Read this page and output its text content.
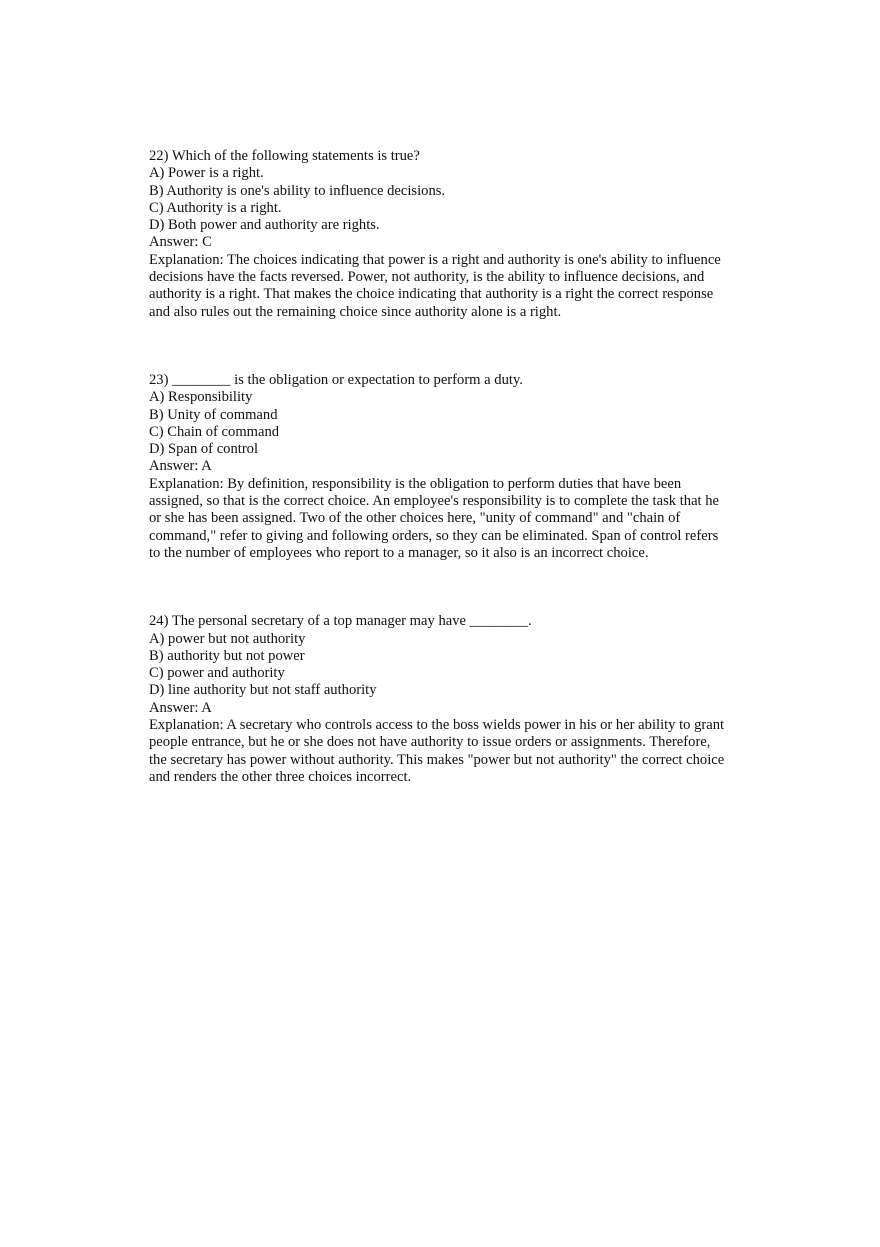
22) Which of the following statements is true?
A) Power is a right.
B) Authority is one's ability to influence decisions.
C) Authority is a right.
D) Both power and authority are rights.
Answer: C
Explanation: The choices indicating that power is a right and authority is one's ability to influence decisions have the facts reversed. Power, not authority, is the ability to influence decisions, and authority is a right. That makes the choice indicating that authority is a right the correct response and also rules out the remaining choice since authority alone is a right.
23) ________ is the obligation or expectation to perform a duty.
A) Responsibility
B) Unity of command
C) Chain of command
D) Span of control
Answer: A
Explanation: By definition, responsibility is the obligation to perform duties that have been assigned, so that is the correct choice. An employee's responsibility is to complete the task that he or she has been assigned. Two of the other choices here, "unity of command" and "chain of command," refer to giving and following orders, so they can be eliminated. Span of control refers to the number of employees who report to a manager, so it also is an incorrect choice.
24) The personal secretary of a top manager may have ________.
A) power but not authority
B) authority but not power
C) power and authority
D) line authority but not staff authority
Answer: A
Explanation: A secretary who controls access to the boss wields power in his or her ability to grant people entrance, but he or she does not have authority to issue orders or assignments. Therefore, the secretary has power without authority. This makes "power but not authority" the correct choice and renders the other three choices incorrect.
